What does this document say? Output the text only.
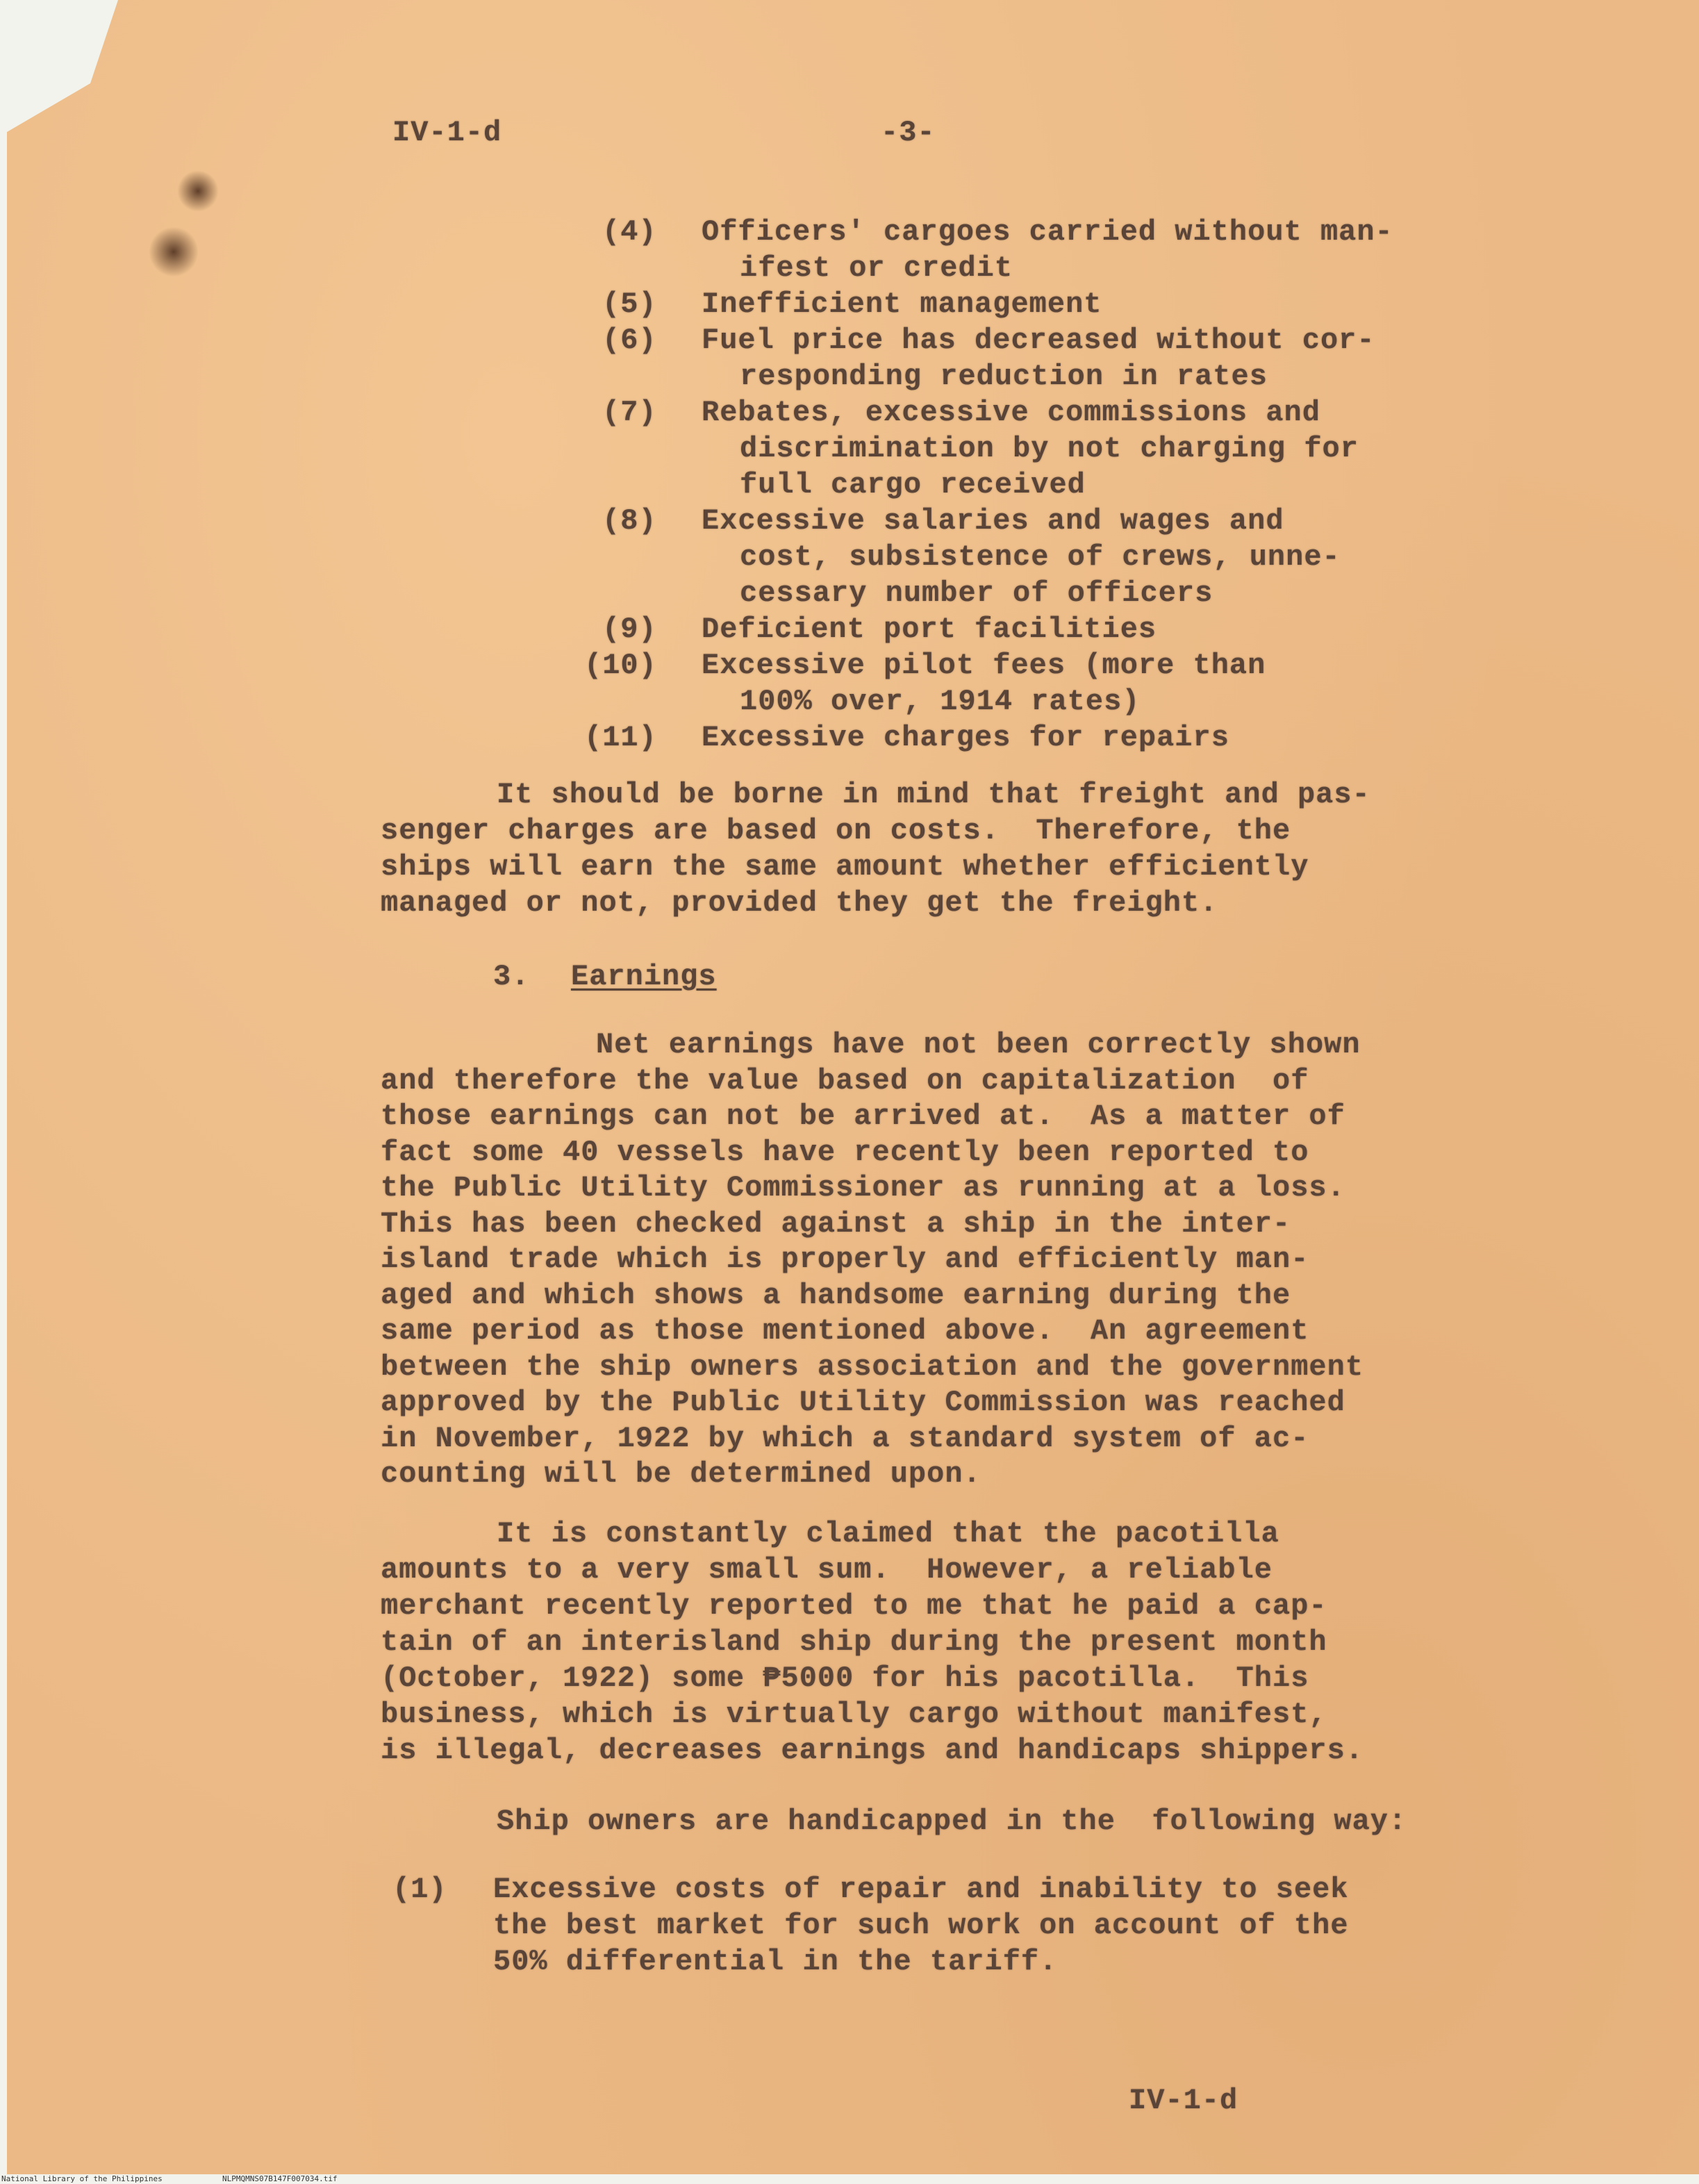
IV-1-d	-3-
(4) Officers' cargoes carried without man-
ifest or credit
(5) Inefficient management
(6) Fuel price has decreased without cor-
responding reduction in rates
(7) Rebates, excessive commissions and
discrimination by not charging for
full cargo received
(8) Excessive salaries and wages and
cost, subsistence of crews, unne-
cessary number of officers
(9) Deficient port facilities
(10) Excessive pilot fees (more than
100% over, 1914 rates)
(11) Excessive charges for repairs
It should be borne in mind that freight and pas-
senger charges are based on costs.  Therefore, the
ships will earn the same amount whether efficiently
managed or not, provided they get the freight.
3. Earnings
Net earnings have not been correctly shown
and therefore the value based on capitalization  of
those earnings can not be arrived at.  As a matter of
fact some 40 vessels have recently been reported to
the Public Utility Commissioner as running at a loss.
This has been checked against a ship in the inter-
island trade which is properly and efficiently man-
aged and which shows a handsome earning during the
same period as those mentioned above.  An agreement
between the ship owners association and the government
approved by the Public Utility Commission was reached
in November, 1922 by which a standard system of ac-
counting will be determined upon.
It is constantly claimed that the pacotilla
amounts to a very small sum.  However, a reliable
merchant recently reported to me that he paid a cap-
tain of an interisland ship during the present month
(October, 1922) some ₱5000 for his pacotilla.  This
business, which is virtually cargo without manifest,
is illegal, decreases earnings and handicaps shippers.
Ship owners are handicapped in the  following way:
(1) Excessive costs of repair and inability to seek
the best market for such work on account of the
50% differential in the tariff.
IV-1-d
National Library of the Philippines	NLPMQMNS07B147F007034.tif
